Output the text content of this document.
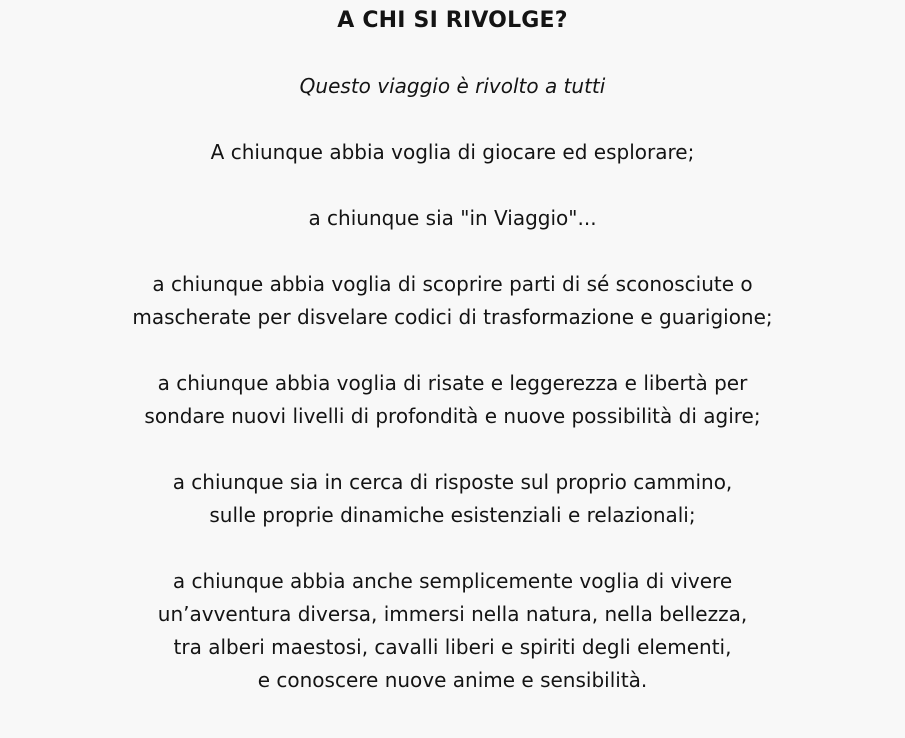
A CHI SI RIVOLGE?

Questo viaggio è rivolto a tutti

A chiunque abbia voglia di giocare ed esplorare;

a chiunque sia "in Viaggio"...

a chiunque abbia voglia di scoprire parti di sé sconosciute o
mascherate per disvelare codici di trasformazione e guarigione;

a chiunque abbia voglia di risate e leggerezza e libertà per
sondare nuovi livelli di profondità e nuove possibilità di agire;

a chiunque sia in cerca di risposte sul proprio cammino,
sulle proprie dinamiche esistenziali e relazionali;

a chiunque abbia anche semplicemente voglia di vivere
un’avventura diversa, immersi nella natura, nella bellezza,
tra alberi maestosi, cavalli liberi e spiriti degli elementi,
e conoscere nuove anime e sensibilità.
